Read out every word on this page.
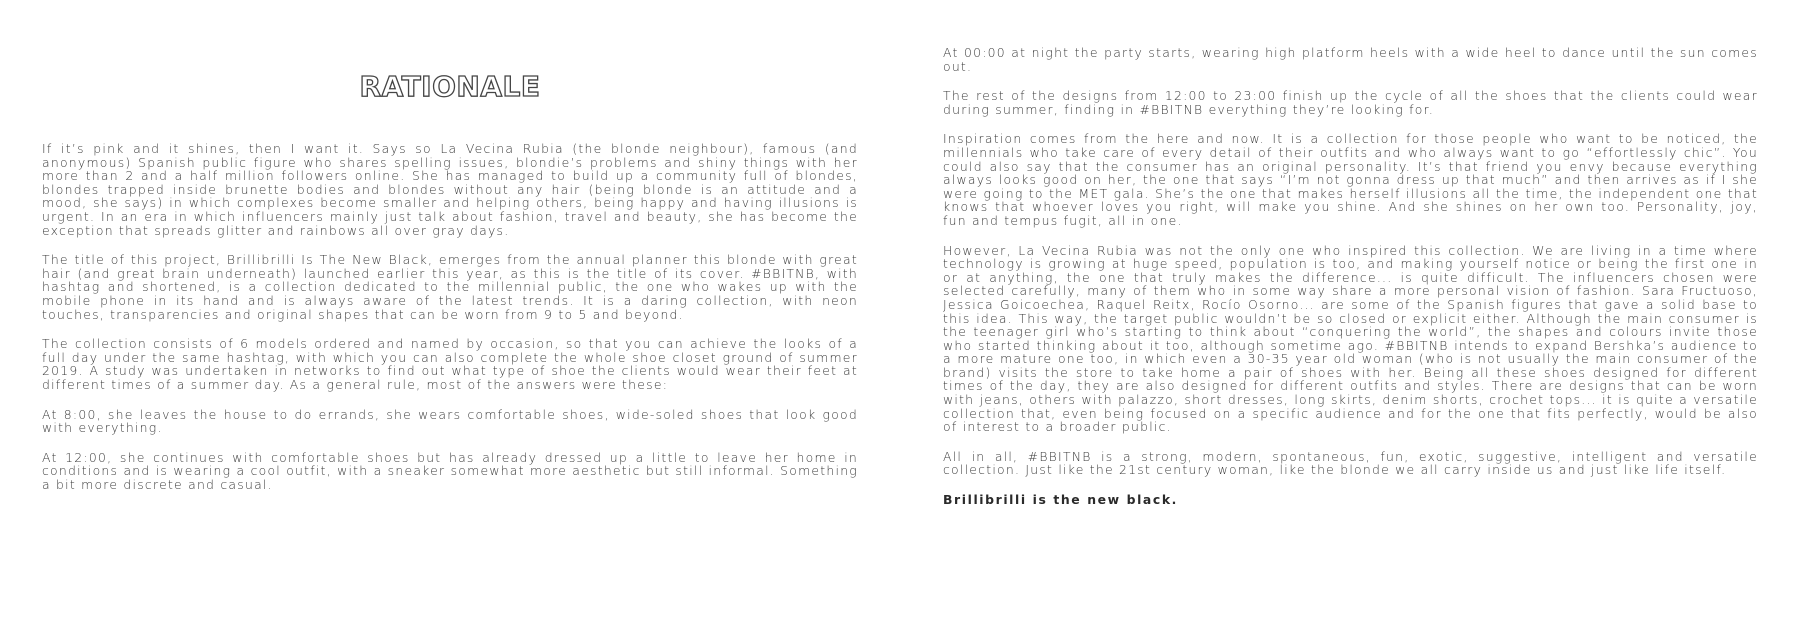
RATIONALE

If it’s pink and it shines, then I want it. Says so La Vecina Rubia (the blonde neighbour), famous (and anonymous) Spanish public figure who shares spelling issues, blondie’s problems and shiny things with her more than 2 and a half million followers online. She has managed to build up a community full of blondes, blondes trapped inside brunette bodies and blondes without any hair (being blonde is an attitude and a mood, she says) in which complexes become smaller and helping others, being happy and having illusions is urgent. In an era in which influencers mainly just talk about fashion, travel and beauty, she has become the exception that spreads glitter and rainbows all over gray days.

The title of this project, Brillibrilli Is The New Black, emerges from the annual planner this blonde with great hair (and great brain underneath) launched earlier this year, as this is the title of its cover. #BBITNB, with hashtag and shortened, is a collection dedicated to the millennial public, the one who wakes up with the mobile phone in its hand and is always aware of the latest trends. It is a daring collection, with neon touches, transparencies and original shapes that can be worn from 9 to 5 and beyond.

The collection consists of 6 models ordered and named by occasion, so that you can achieve the looks of a full day under the same hashtag, with which you can also complete the whole shoe closet ground of summer 2019. A study was undertaken in networks to find out what type of shoe the clients would wear their feet at different times of a summer day. As a general rule, most of the answers were these:

At 8:00, she leaves the house to do errands, she wears comfortable shoes, wide-soled shoes that look good with everything.

At 12:00, she continues with comfortable shoes but has already dressed up a little to leave her home in conditions and is wearing a cool outfit, with a sneaker somewhat more aesthetic but still informal. Something a bit more discrete and casual.

At 00:00 at night the party starts, wearing high platform heels with a wide heel to dance until the sun comes out.

The rest of the designs from 12:00 to 23:00 finish up the cycle of all the shoes that the clients could wear during summer, finding in #BBITNB everything they’re looking for.

Inspiration comes from the here and now. It is a collection for those people who want to be noticed, the millennials who take care of every detail of their outfits and who always want to go “effortlessly chic”. You could also say that the consumer has an original personality. It’s that friend you envy because everything always looks good on her, the one that says “I’m not gonna dress up that much” and then arrives as if I she were going to the MET gala. She’s the one that makes herself illusions all the time, the independent one that knows that whoever loves you right, will make you shine. And she shines on her own too. Personality, joy, fun and tempus fugit, all in one.

However, La Vecina Rubia was not the only one who inspired this collection. We are living in a time where technology is growing at huge speed, population is too, and making yourself notice or being the first one in or at anything, the one that truly makes the difference... is quite difficult. The influencers chosen were selected carefully, many of them who in some way share a more personal vision of fashion. Sara Fructuoso, Jessica Goicoechea, Raquel Reitx, Rocío Osorno... are some of the Spanish figures that gave a solid base to this idea. This way, the target public wouldn’t be so closed or explicit either. Although the main consumer is the teenager girl who’s starting to think about “conquering the world”, the shapes and colours invite those who started thinking about it too, although sometime ago. #BBITNB intends to expand Bershka’s audience to a more mature one too, in which even a 30-35 year old woman (who is not usually the main consumer of the brand) visits the store to take home a pair of shoes with her. Being all these shoes designed for different times of the day, they are also designed for different outfits and styles. There are designs that can be worn with jeans, others with palazzo, short dresses, long skirts, denim shorts, crochet tops... it is quite a versatile collection that, even being focused on a specific audience and for the one that fits perfectly, would be also of interest to a broader public.

All in all, #BBITNB is a strong, modern, spontaneous, fun, exotic, suggestive, intelligent and versatile collection. Just like the 21st century woman, like the blonde we all carry inside us and just like life itself.

Brillibrilli is the new black.
